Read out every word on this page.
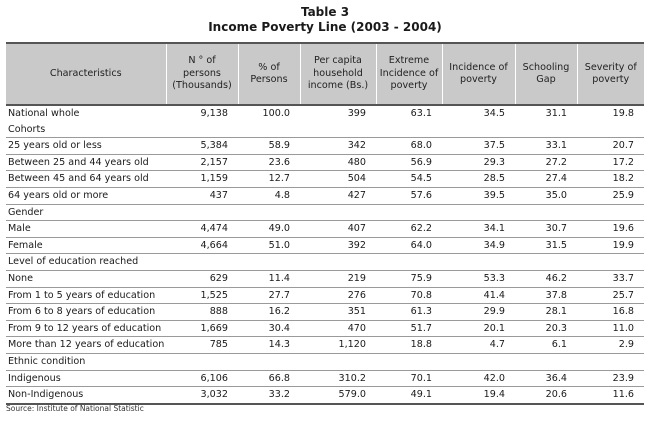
Table 3
Income Poverty Line (2003 - 2004)
Characteristics	N ° of persons (Thousands)	% of Persons	Per capita household income (Bs.)	Extreme Incidence of poverty	Incidence of poverty	Schooling Gap	Severity of poverty
National whole	9,138	100.0	399	63.1	34.5	31.1	19.8
Cohorts							
25 years old or less	5,384	58.9	342	68.0	37.5	33.1	20.7
Between 25 and 44 years old	2,157	23.6	480	56.9	29.3	27.2	17.2
Between 45 and 64 years old	1,159	12.7	504	54.5	28.5	27.4	18.2
64 years old or more	437	4.8	427	57.6	39.5	35.0	25.9
Gender							
Male	4,474	49.0	407	62.2	34.1	30.7	19.6
Female	4,664	51.0	392	64.0	34.9	31.5	19.9
Level of education reached							
None	629	11.4	219	75.9	53.3	46.2	33.7
From 1 to 5 years of education	1,525	27.7	276	70.8	41.4	37.8	25.7
From 6 to 8 years of education	888	16.2	351	61.3	29.9	28.1	16.8
From 9 to 12 years of education	1,669	30.4	470	51.7	20.1	20.3	11.0
More than 12 years of education	785	14.3	1,120	18.8	4.7	6.1	2.9
Ethnic condition							
Indigenous	6,106	66.8	310.2	70.1	42.0	36.4	23.9
Non-Indigenous	3,032	33.2	579.0	49.1	19.4	20.6	11.6
Source: Institute of National Statistic
